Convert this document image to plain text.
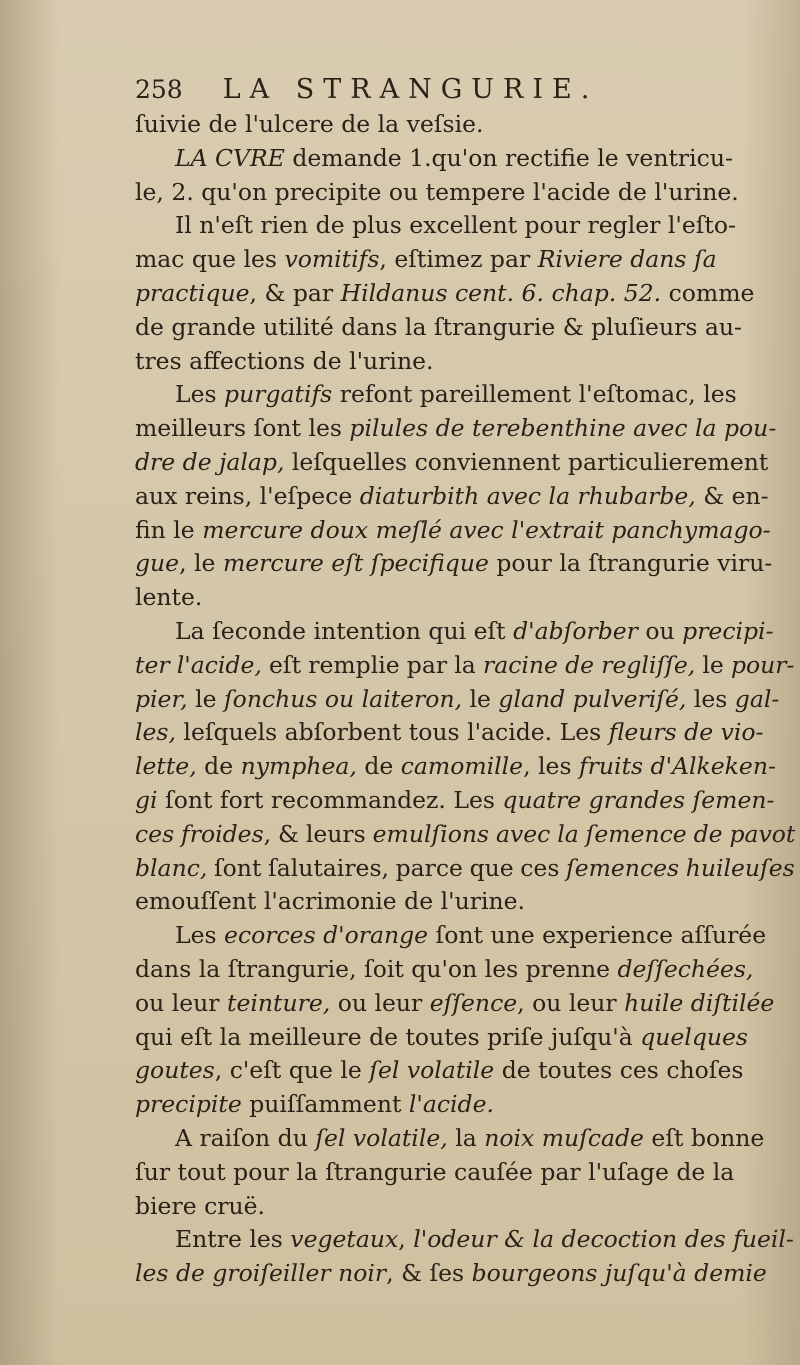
258 LA STRANGURIE.
ſuivie de l'ulcere de la veſsie.
LA CVRE demande 1.qu'on rectifie le ventricu-
le, 2. qu'on precipite ou tempere l'acide de l'urine.
Il n'eſt rien de plus excellent pour regler l'eſto-
mac que les vomitifs, eſtimez par Riviere dans ſa
practique, & par Hildanus cent. 6. chap. 52. comme
de grande utilité dans la ſtrangurie & pluſieurs au-
tres affections de l'urine.
Les purgatifs refont pareillement l'eſtomac, les
meilleurs ſont les pilules de terebenthine avec la pou-
dre de jalap, leſquelles conviennent particulierement
aux reins, l'eſpece diaturbith avec la rhubarbe, & en-
fin le mercure doux meſlé avec l'extrait panchymago-
gue, le mercure eſt ſpecifique pour la ſtrangurie viru-
lente.
La ſeconde intention qui eſt d'abſorber ou precipi-
ter l'acide, eſt remplie par la racine de regliſſe, le pour-
pier, le ſonchus ou laiteron, le gland pulveriſé, les gal-
les, leſquels abſorbent tous l'acide. Les fleurs de vio-
lette, de nymphea, de camomille, les fruits d'Alkeken-
gi ſont fort recommandez. Les quatre grandes ſemen-
ces froides, & leurs emulſions avec la ſemence de pavot
blanc, ſont ſalutaires, parce que ces ſemences huileuſes
emouſſent l'acrimonie de l'urine.
Les ecorces d'orange ſont une experience aſſurée
dans la ſtrangurie, ſoit qu'on les prenne deſſechées,
ou leur teinture, ou leur eſſence, ou leur huile diſtilée
qui eſt la meilleure de toutes priſe juſqu'à quelques
goutes, c'eſt que le ſel volatile de toutes ces choſes
precipite puiſſamment l'acide.
A raiſon du ſel volatile, la noix muſcade eſt bonne
ſur tout pour la ſtrangurie cauſée par l'uſage de la
biere cruë.
Entre les vegetaux, l'odeur & la decoction des fueil-
les de groiſeiller noir, & ſes bourgeons juſqu'à demie
